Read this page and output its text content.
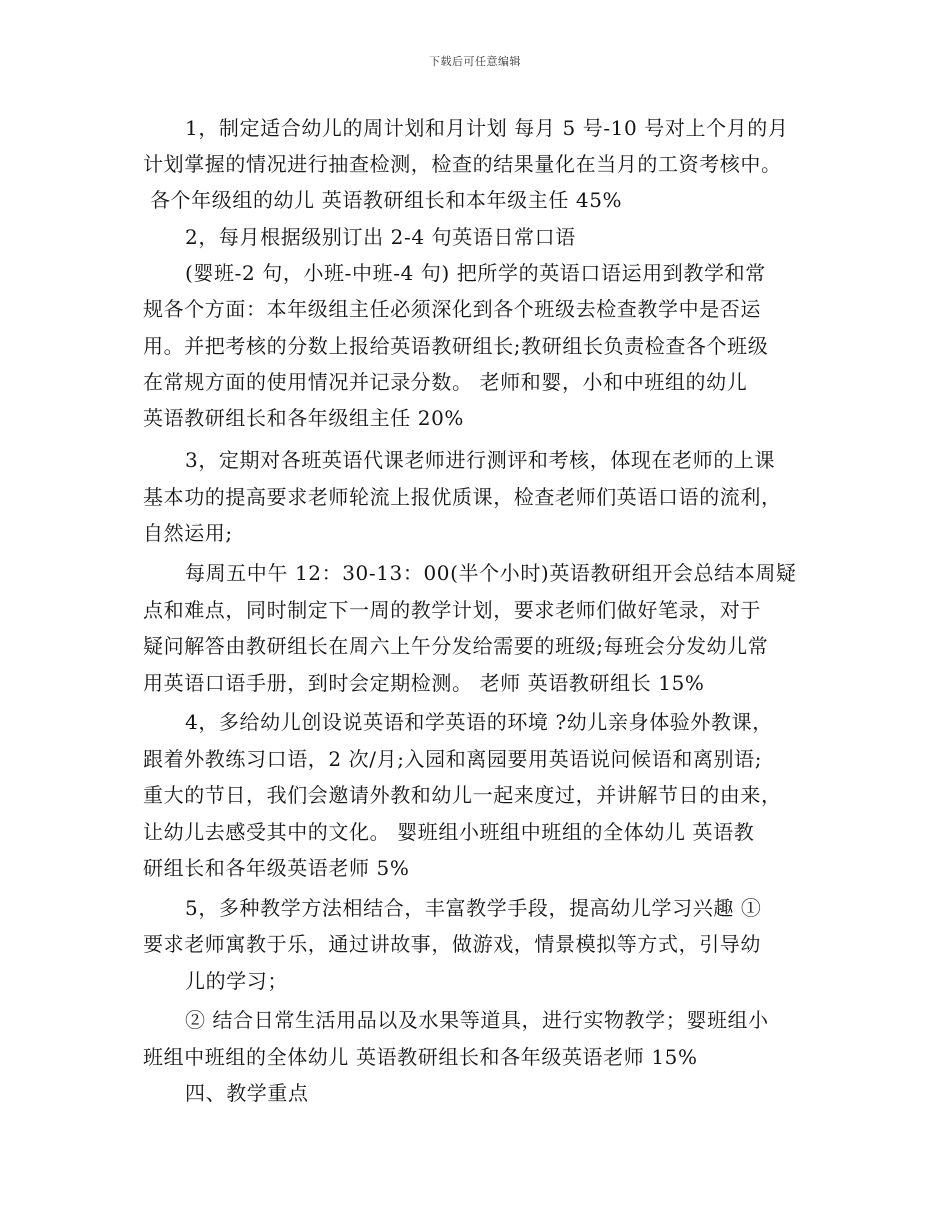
下载后可任意编辑
1，制定适合幼儿的周计划和月计划 每月 5 号-10 号对上个月的月
计划掌握的情况进行抽查检测，检查的结果量化在当月的工资考核中。
各个年级组的幼儿 英语教研组长和本年级主任 45%
2，每月根据级别订出 2-4 句英语日常口语
(婴班-2 句，小班-中班-4 句) 把所学的英语口语运用到教学和常
规各个方面：本年级组主任必须深化到各个班级去检查教学中是否运
用。并把考核的分数上报给英语教研组长;教研组长负责检查各个班级
在常规方面的使用情况并记录分数。 老师和婴，小和中班组的幼儿
英语教研组长和各年级组主任 20%
3，定期对各班英语代课老师进行测评和考核，体现在老师的上课
基本功的提高要求老师轮流上报优质课，检查老师们英语口语的流利，
自然运用;
每周五中午 12：30-13：00(半个小时)英语教研组开会总结本周疑
点和难点，同时制定下一周的教学计划，要求老师们做好笔录，对于
疑问解答由教研组长在周六上午分发给需要的班级;每班会分发幼儿常
用英语口语手册，到时会定期检测。 老师 英语教研组长 15%
4，多给幼儿创设说英语和学英语的环境 ?幼儿亲身体验外教课，
跟着外教练习口语，2 次/月;入园和离园要用英语说问候语和离别语;
重大的节日，我们会邀请外教和幼儿一起来度过，并讲解节日的由来，
让幼儿去感受其中的文化。 婴班组小班组中班组的全体幼儿 英语教
研组长和各年级英语老师 5%
5，多种教学方法相结合，丰富教学手段，提高幼儿学习兴趣 ①
要求老师寓教于乐，通过讲故事，做游戏，情景模拟等方式，引导幼
儿的学习；
② 结合日常生活用品以及水果等道具，进行实物教学；婴班组小
班组中班组的全体幼儿 英语教研组长和各年级英语老师 15%
四、教学重点
